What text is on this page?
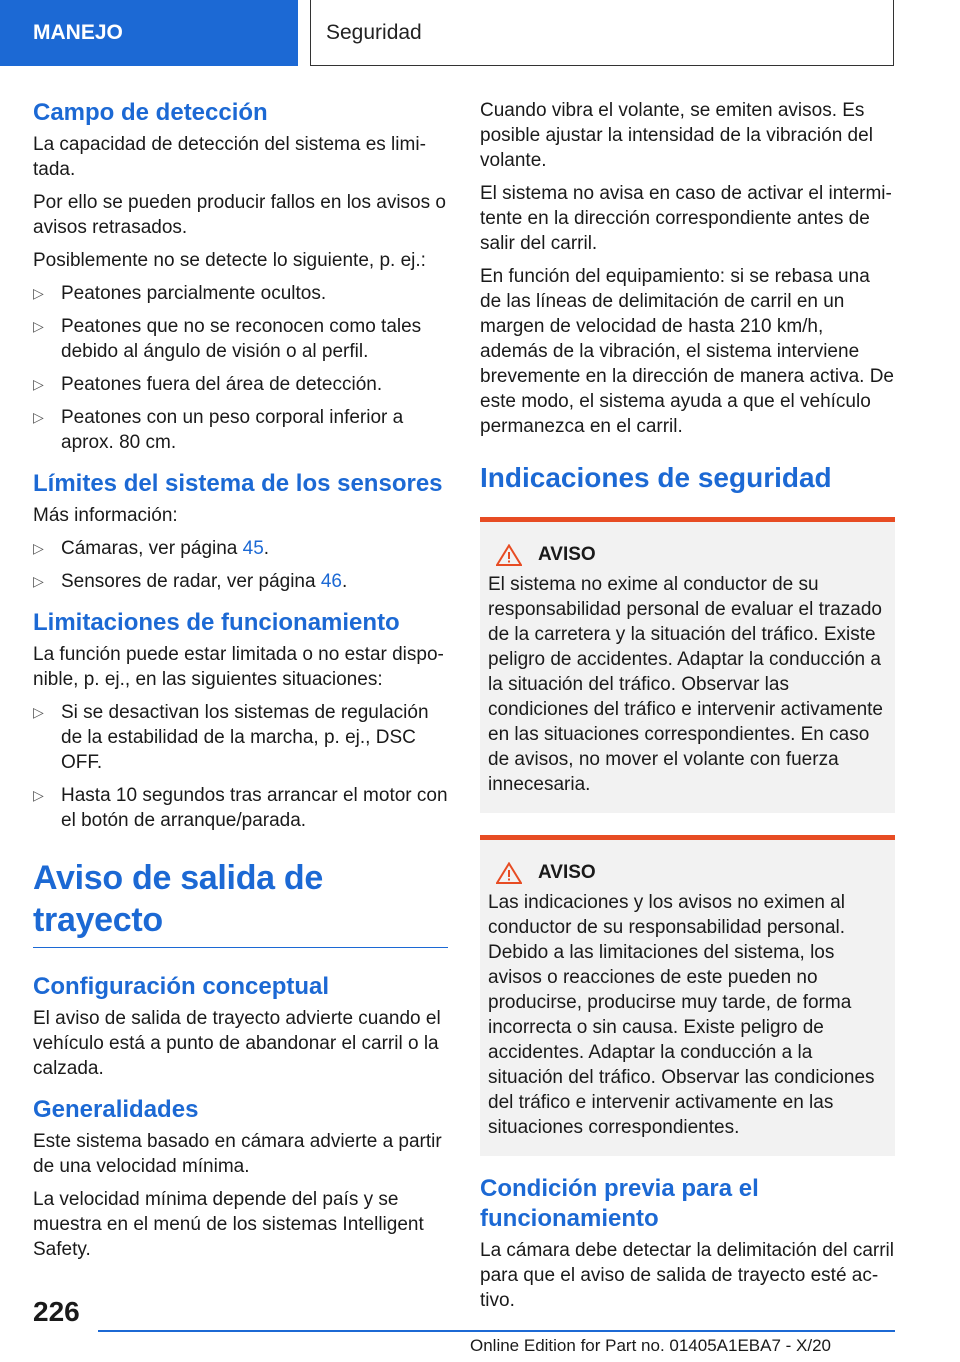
MANEJO	Seguridad
Campo de detección

La capacidad de detección del sistema es limitada.

Por ello se pueden producir fallos en los avisos o avisos retrasados.

Posiblemente no se detecte lo siguiente, p. ej.:

▷ Peatones parcialmente ocultos.
▷ Peatones que no se reconocen como tales debido al ángulo de visión o al perfil.
▷ Peatones fuera del área de detección.
▷ Peatones con un peso corporal inferior a aprox. 80 cm.
Límites del sistema de los sensores

Más información:

▷ Cámaras, ver página 45.
▷ Sensores de radar, ver página 46.
Limitaciones de funcionamiento

La función puede estar limitada o no estar disponible, p. ej., en las siguientes situaciones:

▷ Si se desactivan los sistemas de regulación de la estabilidad de la marcha, p. ej., DSC OFF.
▷ Hasta 10 segundos tras arrancar el motor con el botón de arranque/parada.
Aviso de salida de trayecto
Configuración conceptual

El aviso de salida de trayecto advierte cuando el vehículo está a punto de abandonar el carril o la calzada.

Generalidades

Este sistema basado en cámara advierte a partir de una velocidad mínima.

La velocidad mínima depende del país y se muestra en el menú de los sistemas Intelligent Safety.

Cuando vibra el volante, se emiten avisos. Es posible ajustar la intensidad de la vibración del volante.

El sistema no avisa en caso de activar el intermitente en la dirección correspondiente antes de salir del carril.

En función del equipamiento: si se rebasa una de las líneas de delimitación de carril en un margen de velocidad de hasta 210 km/h, además de la vibración, el sistema interviene brevemente en la dirección de manera activa. De este modo, el sistema ayuda a que el vehículo permanezca en el carril.

Indicaciones de seguridad
AVISO

El sistema no exime al conductor de su responsabilidad personal de evaluar el trazado de la carretera y la situación del tráfico. Existe peligro de accidentes. Adaptar la conducción a la situación del tráfico. Observar las condiciones del tráfico e intervenir activamente en las situaciones correspondientes. En caso de avisos, no mover el volante con fuerza innecesaria.

AVISO

Las indicaciones y los avisos no eximen al conductor de su responsabilidad personal. Debido a las limitaciones del sistema, los avisos o reacciones de este pueden no producirse, producirse muy tarde, de forma incorrecta o sin causa. Existe peligro de accidentes. Adaptar la conducción a la situación del tráfico. Observar las condiciones del tráfico e intervenir activamente en las situaciones correspondientes.

Condición previa para el funcionamiento

La cámara debe detectar la delimitación del carril para que el aviso de salida de trayecto esté activo.

226
Online Edition for Part no. 01405A1EBA7 - X/20
